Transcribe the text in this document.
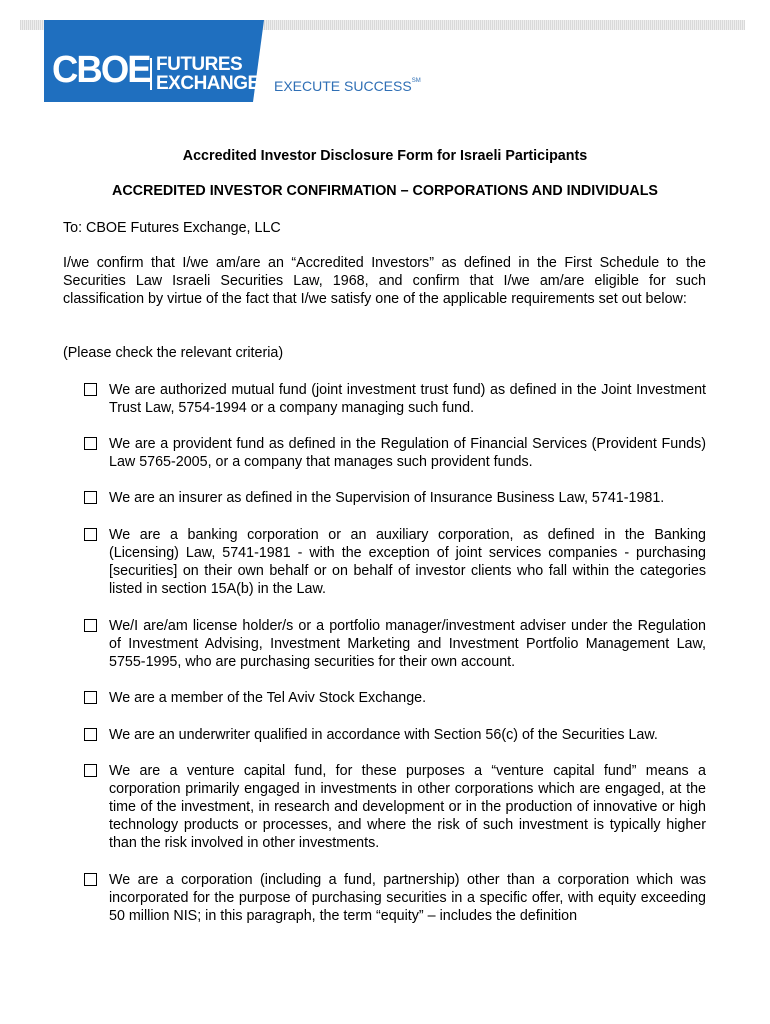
CBOE FUTURES
EXCHANGE EXECUTE SUCCESS℠
Accredited Investor Disclosure Form for Israeli Participants
ACCREDITED INVESTOR CONFIRMATION – CORPORATIONS AND INDIVIDUALS
To: CBOE Futures Exchange, LLC
I/we confirm that I/we am/are an “Accredited Investors” as defined in the First Schedule to the Securities Law Israeli Securities Law, 1968, and confirm that I/we am/are eligible for such classification by virtue of the fact that I/we satisfy one of the applicable requirements set out below:
(Please check the relevant criteria)
We are authorized mutual fund (joint investment trust fund) as defined in the Joint Investment Trust Law, 5754-1994 or a company managing such fund.
We are a provident fund as defined in the Regulation of Financial Services (Provident Funds) Law 5765-2005, or a company that manages such provident funds.
We are an insurer as defined in the Supervision of Insurance Business Law, 5741-1981.
We are a banking corporation or an auxiliary corporation, as defined in the Banking (Licensing) Law, 5741-1981 - with the exception of joint services companies - purchasing [securities] on their own behalf or on behalf of investor clients who fall within the categories listed in section 15A(b) in the Law.
We/I are/am license holder/s or a portfolio manager/investment adviser under the Regulation of Investment Advising, Investment Marketing and Investment Portfolio Management Law, 5755-1995, who are purchasing securities for their own account.
We are a member of the Tel Aviv Stock Exchange.
We are an underwriter qualified in accordance with Section 56(c) of the Securities Law.
We are a venture capital fund, for these purposes a “venture capital fund” means a corporation primarily engaged in investments in other corporations which are engaged, at the time of the investment, in research and development or in the production of innovative or high technology products or processes, and where the risk of such investment is typically higher than the risk involved in other investments.
We are a corporation (including a fund, partnership) other than a corporation which was incorporated for the purpose of purchasing securities in a specific offer, with equity exceeding 50 million NIS; in this paragraph, the term “equity” – includes the definition
